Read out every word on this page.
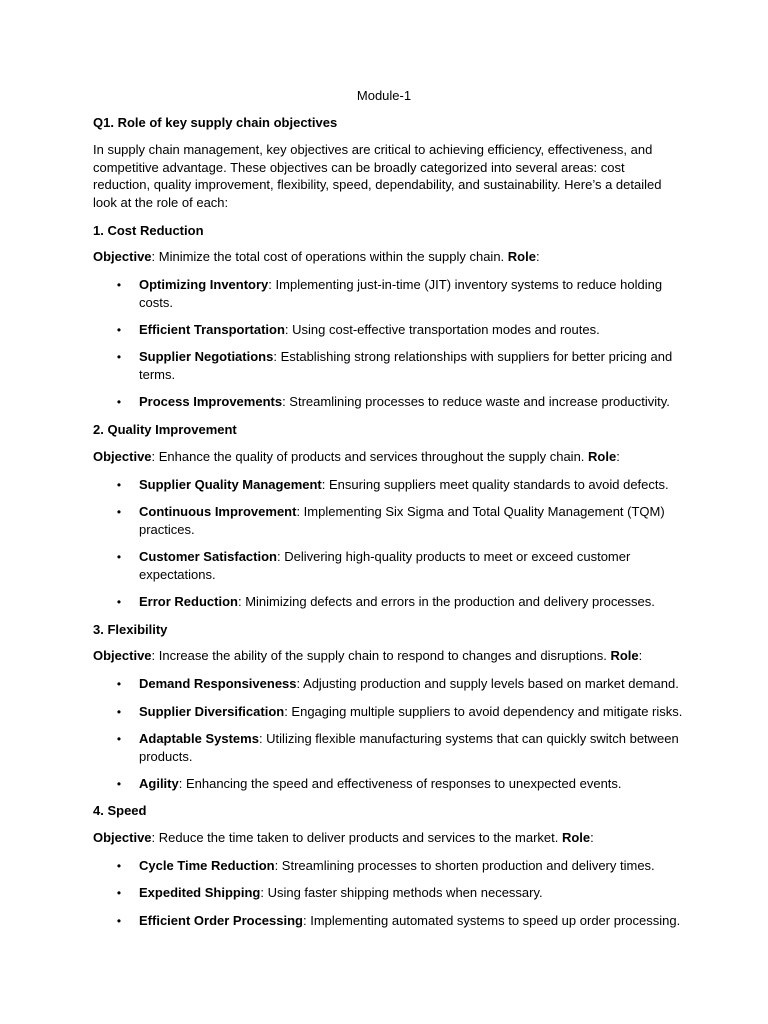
Module-1
Q1. Role of key supply chain objectives

In supply chain management, key objectives are critical to achieving efficiency, effectiveness, and competitive advantage. These objectives can be broadly categorized into several areas: cost reduction, quality improvement, flexibility, speed, dependability, and sustainability. Here’s a detailed look at the role of each:

1. Cost Reduction
Objective: Minimize the total cost of operations within the supply chain. Role:
•	Optimizing Inventory: Implementing just-in-time (JIT) inventory systems to reduce holding costs.
•	Efficient Transportation: Using cost-effective transportation modes and routes.
•	Supplier Negotiations: Establishing strong relationships with suppliers for better pricing and terms.
•	Process Improvements: Streamlining processes to reduce waste and increase productivity.
2. Quality Improvement
Objective: Enhance the quality of products and services throughout the supply chain. Role:
•	Supplier Quality Management: Ensuring suppliers meet quality standards to avoid defects.
•	Continuous Improvement: Implementing Six Sigma and Total Quality Management (TQM) practices.
•	Customer Satisfaction: Delivering high-quality products to meet or exceed customer expectations.
•	Error Reduction: Minimizing defects and errors in the production and delivery processes.
3. Flexibility
Objective: Increase the ability of the supply chain to respond to changes and disruptions. Role:
•	Demand Responsiveness: Adjusting production and supply levels based on market demand.
•	Supplier Diversification: Engaging multiple suppliers to avoid dependency and mitigate risks.
•	Adaptable Systems: Utilizing flexible manufacturing systems that can quickly switch between products.
•	Agility: Enhancing the speed and effectiveness of responses to unexpected events.
4. Speed
Objective: Reduce the time taken to deliver products and services to the market. Role:
•	Cycle Time Reduction: Streamlining processes to shorten production and delivery times.
•	Expedited Shipping: Using faster shipping methods when necessary.
•	Efficient Order Processing: Implementing automated systems to speed up order processing.
